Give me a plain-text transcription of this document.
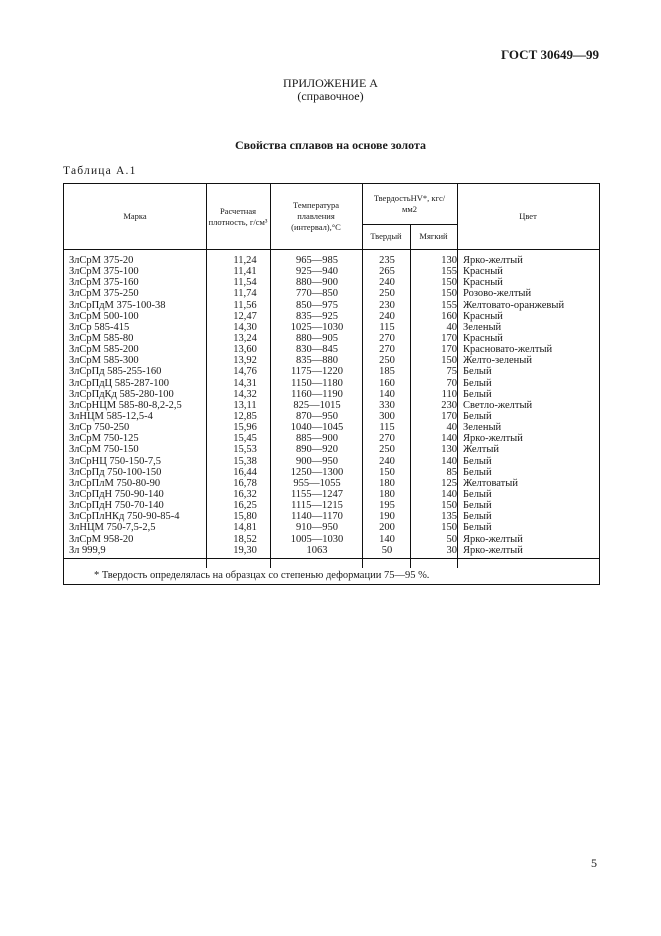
ГОСТ 30649—99
ПРИЛОЖЕНИЕ А
(справочное)
Свойства сплавов на основе золота
Таблица А.1
Марка
Расчетная плотность, г/см³
Температура плавления (интервал),°С
ТвердостьHV*, кгс/мм2
Твердый	Мягкий
Цвет
ЗлСрМ 375-20	11,24	965—985	235	130 Ярко-желтый
ЗлСрМ 375-100	11,41	925—940	265	155 Красный
ЗлСрМ 375-160	11,54	880—900	240	150 Красный
ЗлСрМ 375-250	11,74	770—850	250	150 Розово-желтый
ЗлСрПдМ 375-100-38	11,56	850—975	230	155 Желтовато-оранжевый
ЗлСрМ 500-100	12,47	835—925	240	160 Красный
ЗлСр 585-415	14,30	1025—1030	115	40 Зеленый
ЗлСрМ 585-80	13,24	880—905	270	170 Красный
ЗлСрМ 585-200	13,60	830—845	270	170 Красновато-желтый
ЗлСрМ 585-300	13,92	835—880	250	150 Желто-зеленый
ЗлСрПд 585-255-160	14,76	1175—1220	185	75 Белый
ЗлСрПдЦ 585-287-100	14,31	1150—1180	160	70 Белый
ЗлСрПдКд 585-280-100	14,32	1160—1190	140	110 Белый
ЗлСрНЦМ 585-80-8,2-2,5	13,11	825—1015	330	230 Светло-желтый
ЗлНЦМ 585-12,5-4	12,85	870—950	300	170 Белый
ЗлСр 750-250	15,96	1040—1045	115	40 Зеленый
ЗлСрМ 750-125	15,45	885—900	270	140 Ярко-желтый
ЗлСрМ 750-150	15,53	890—920	250	130 Желтый
ЗлСрНЦ 750-150-7,5	15,38	900—950	240	140 Белый
ЗлСрПд 750-100-150	16,44	1250—1300	150	85 Белый
ЗлСрПлМ 750-80-90	16,78	955—1055	180	125 Желтоватый
ЗлСрПдН 750-90-140	16,32	1155—1247	180	140 Белый
ЗлСрПдН 750-70-140	16,25	1115—1215	195	150 Белый
ЗлСрПлНКд 750-90-85-4	15,80	1140—1170	190	135 Белый
ЗлНЦМ 750-7,5-2,5	14,81	910—950	200	150 Белый
ЗлСрМ 958-20	18,52	1005—1030	140	50 Ярко-желтый
Зл 999,9	19,30	1063	50	30 Ярко-желтый
* Твердость определялась на образцах со степенью деформации 75—95 %.
5
